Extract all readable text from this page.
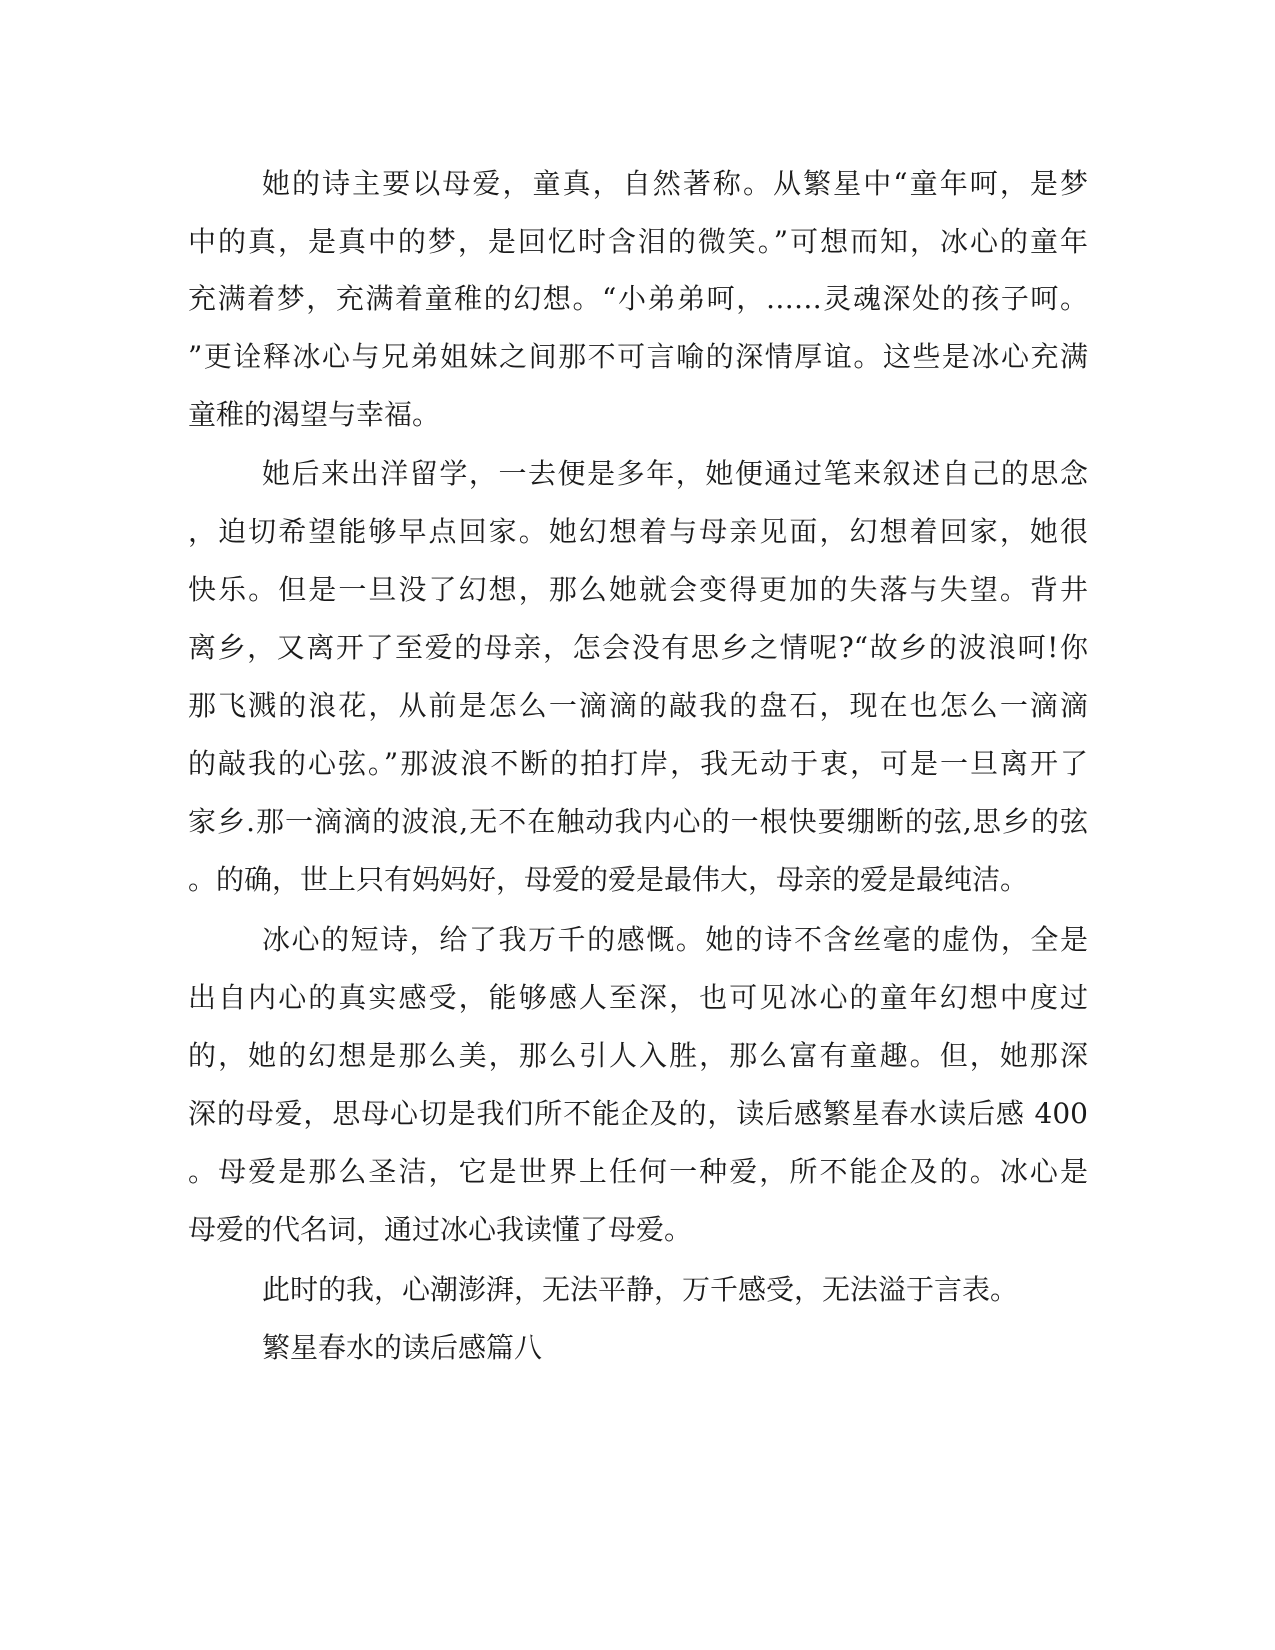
她的诗主要以母爱，童真，自然著称。从繁星中“童年呵，是梦
中的真，是真中的梦，是回忆时含泪的微笑。”可想而知，冰心的童年
充满着梦，充满着童稚的幻想。“小弟弟呵，……灵魂深处的孩子呵。
”更诠释冰心与兄弟姐妹之间那不可言喻的深情厚谊。这些是冰心充满
童稚的渴望与幸福。
她后来出洋留学，一去便是多年，她便通过笔来叙述自己的思念
，迫切希望能够早点回家。她幻想着与母亲见面，幻想着回家，她很
快乐。但是一旦没了幻想，那么她就会变得更加的失落与失望。背井
离乡，又离开了至爱的母亲，怎会没有思乡之情呢?“故乡的波浪呵!你
那飞溅的浪花，从前是怎么一滴滴的敲我的盘石，现在也怎么一滴滴
的敲我的心弦。”那波浪不断的拍打岸，我无动于衷，可是一旦离开了
家乡.那一滴滴的波浪,无不在触动我内心的一根快要绷断的弦,思乡的弦
。的确，世上只有妈妈好，母爱的爱是最伟大，母亲的爱是最纯洁。
冰心的短诗，给了我万千的感慨。她的诗不含丝毫的虚伪，全是
出自内心的真实感受，能够感人至深，也可见冰心的童年幻想中度过
的，她的幻想是那么美，那么引人入胜，那么富有童趣。但，她那深
深的母爱，思母心切是我们所不能企及的，读后感繁星春水读后感 400
。母爱是那么圣洁，它是世界上任何一种爱，所不能企及的。冰心是
母爱的代名词，通过冰心我读懂了母爱。
此时的我，心潮澎湃，无法平静，万千感受，无法溢于言表。
繁星春水的读后感篇八
